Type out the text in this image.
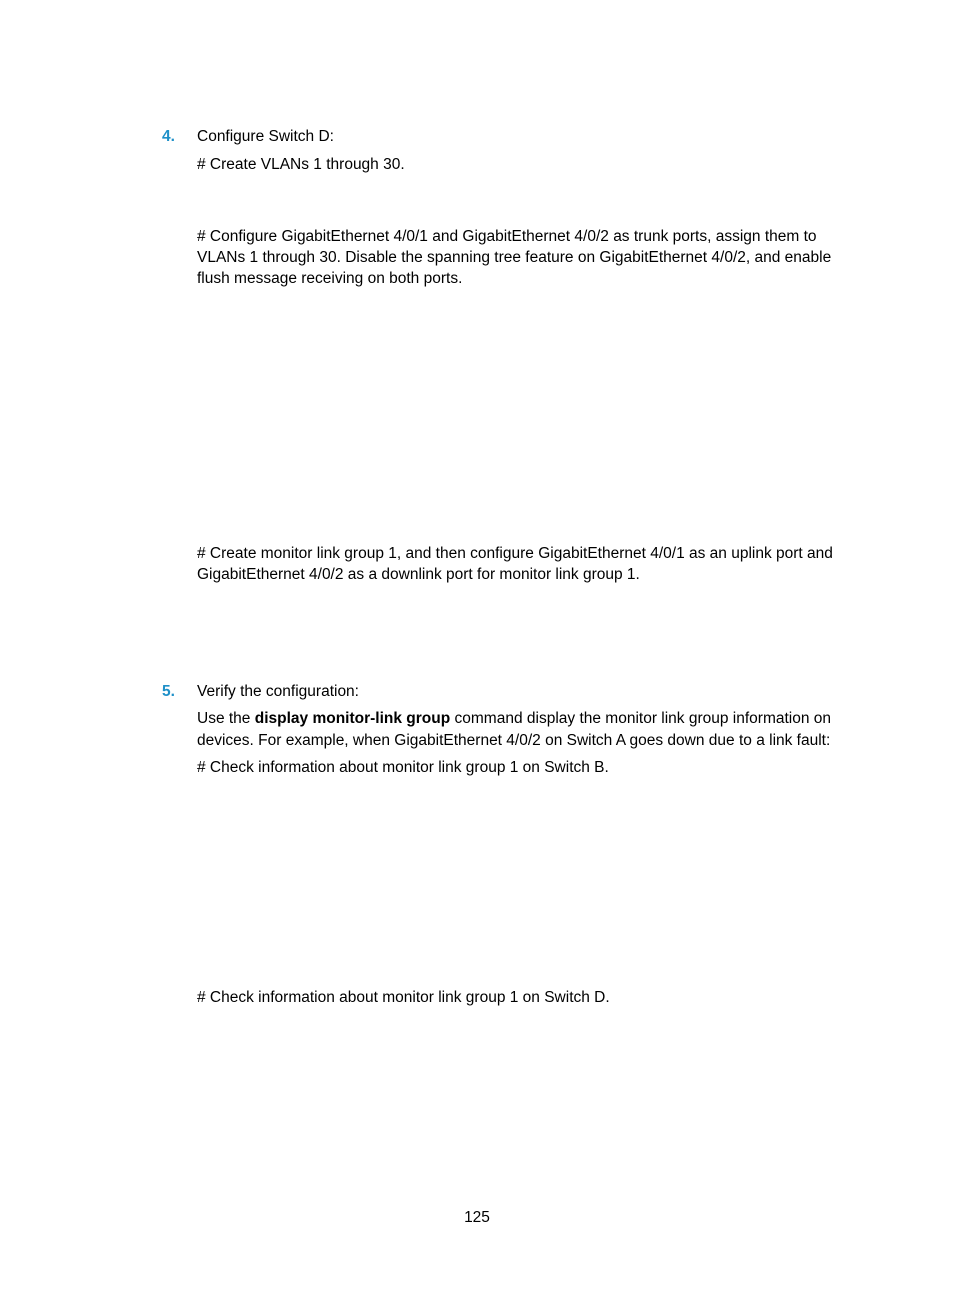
4. Configure Switch D:

# Create VLANs 1 through 30.

# Configure GigabitEthernet 4/0/1 and GigabitEthernet 4/0/2 as trunk ports, assign them to

VLANs 1 through 30. Disable the spanning tree feature on GigabitEthernet 4/0/2, and enable

flush message receiving on both ports.

# Create monitor link group 1, and then configure GigabitEthernet 4/0/1 as an uplink port and

GigabitEthernet 4/0/2 as a downlink port for monitor link group 1.

5. Verify the configuration:

Use the display monitor-link group command display the monitor link group information on

devices. For example, when GigabitEthernet 4/0/2 on Switch A goes down due to a link fault:

# Check information about monitor link group 1 on Switch B.

# Check information about monitor link group 1 on Switch D.

125
